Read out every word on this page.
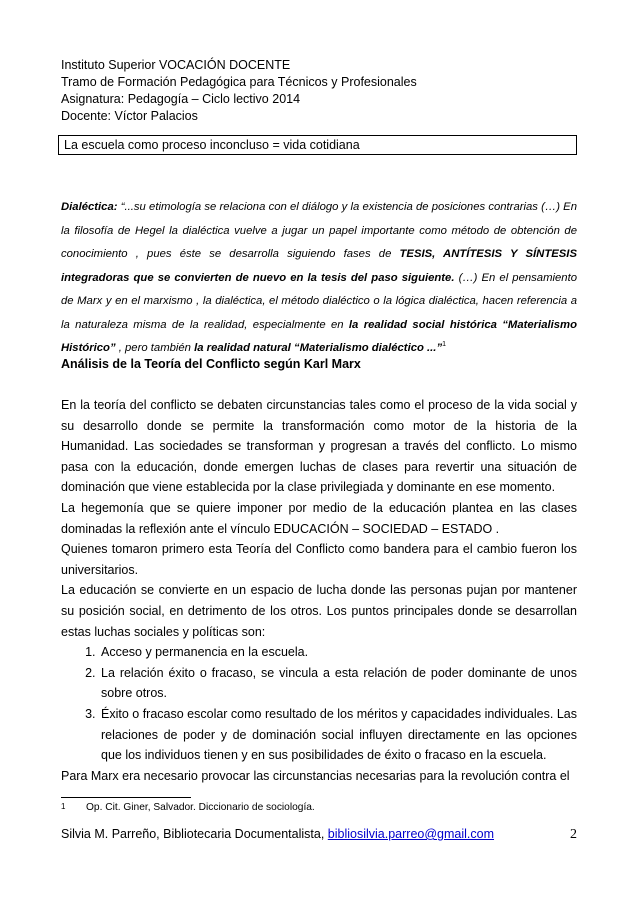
Instituto Superior VOCACIÓN DOCENTE
Tramo de Formación Pedagógica para Técnicos y Profesionales
Asignatura: Pedagogía – Ciclo lectivo 2014
Docente: Víctor Palacios
La escuela como proceso inconcluso = vida cotidiana
Dialéctica: “...su etimología se relaciona con el diálogo y la existencia de posiciones contrarias (…) En la filosofía de Hegel la dialéctica vuelve a jugar un papel importante como método de obtención de conocimiento , pues éste se desarrolla siguiendo fases de TESIS, ANTÍTESIS Y SÍNTESIS integradoras que se convierten de nuevo en la tesis del paso siguiente. (…) En el pensamiento de Marx y en el marxismo , la dialéctica, el método dialéctico o la lógica dialéctica, hacen referencia a la naturaleza misma de la realidad, especialmente en la realidad social histórica “Materialismo Histórico” , pero también la realidad natural “Materialismo dialéctico ...”$^1$
Análisis de la Teoría del Conflicto según Karl Marx

En la teoría del conflicto se debaten circunstancias tales como el proceso de la vida social y su desarrollo donde se permite la transformación como motor de la historia de la Humanidad. Las sociedades se transforman y progresan a través del conflicto. Lo mismo pasa con la educación, donde emergen luchas de clases para revertir una situación de dominación que viene establecida por la clase privilegiada y dominante en ese momento.

La hegemonía que se quiere imponer por medio de la educación plantea en las clases dominadas la reflexión ante el vínculo EDUCACIÓN – SOCIEDAD – ESTADO .

Quienes tomaron primero esta Teoría del Conflicto como bandera para el cambio fueron los universitarios.

La educación se convierte en un espacio de lucha donde las personas pujan por mantener su posición social, en detrimento de los otros. Los puntos principales donde se desarrollan estas luchas sociales y políticas son:

1. Acceso y permanencia en la escuela.
2. La relación éxito o fracaso, se vincula a esta relación de poder dominante de unos sobre otros.
3. Éxito o fracaso escolar como resultado de los méritos y capacidades individuales. Las relaciones de poder y de dominación social influyen directamente en las opciones que los individuos tienen y en sus posibilidades de éxito o fracaso en la escuela.

Para Marx era necesario provocar las circunstancias necesarias para la revolución contra el

1 Op. Cit. Giner, Salvador. Diccionario de sociología.
Silvia M. Parreño, Bibliotecaria Documentalista, bibliosilvia.parreo@gmail.com	2
